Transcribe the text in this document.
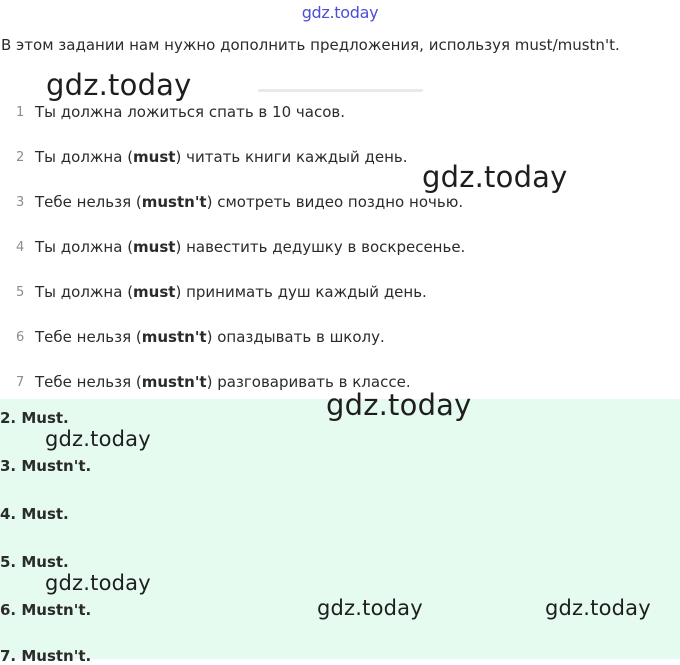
gdz.today
В этом задании нам нужно дополнить предложения, используя must/mustn't.
1 Ты должна ложиться спать в 10 часов.
2 Ты должна (must) читать книги каждый день.
3 Тебе нельзя (mustn't) смотреть видео поздно ночью.
4 Ты должна (must) навестить дедушку в воскресенье.
5 Ты должна (must) принимать душ каждый день.
6 Тебе нельзя (mustn't) опаздывать в школу.
7 Тебе нельзя (mustn't) разговаривать в классе.
2. Must.
3. Mustn't.
4. Must.
5. Must.
6. Mustn't.
7. Mustn't.
gdz.today
gdz.today
gdz.today
gdz.today
gdz.today
gdz.today	gdz.today
